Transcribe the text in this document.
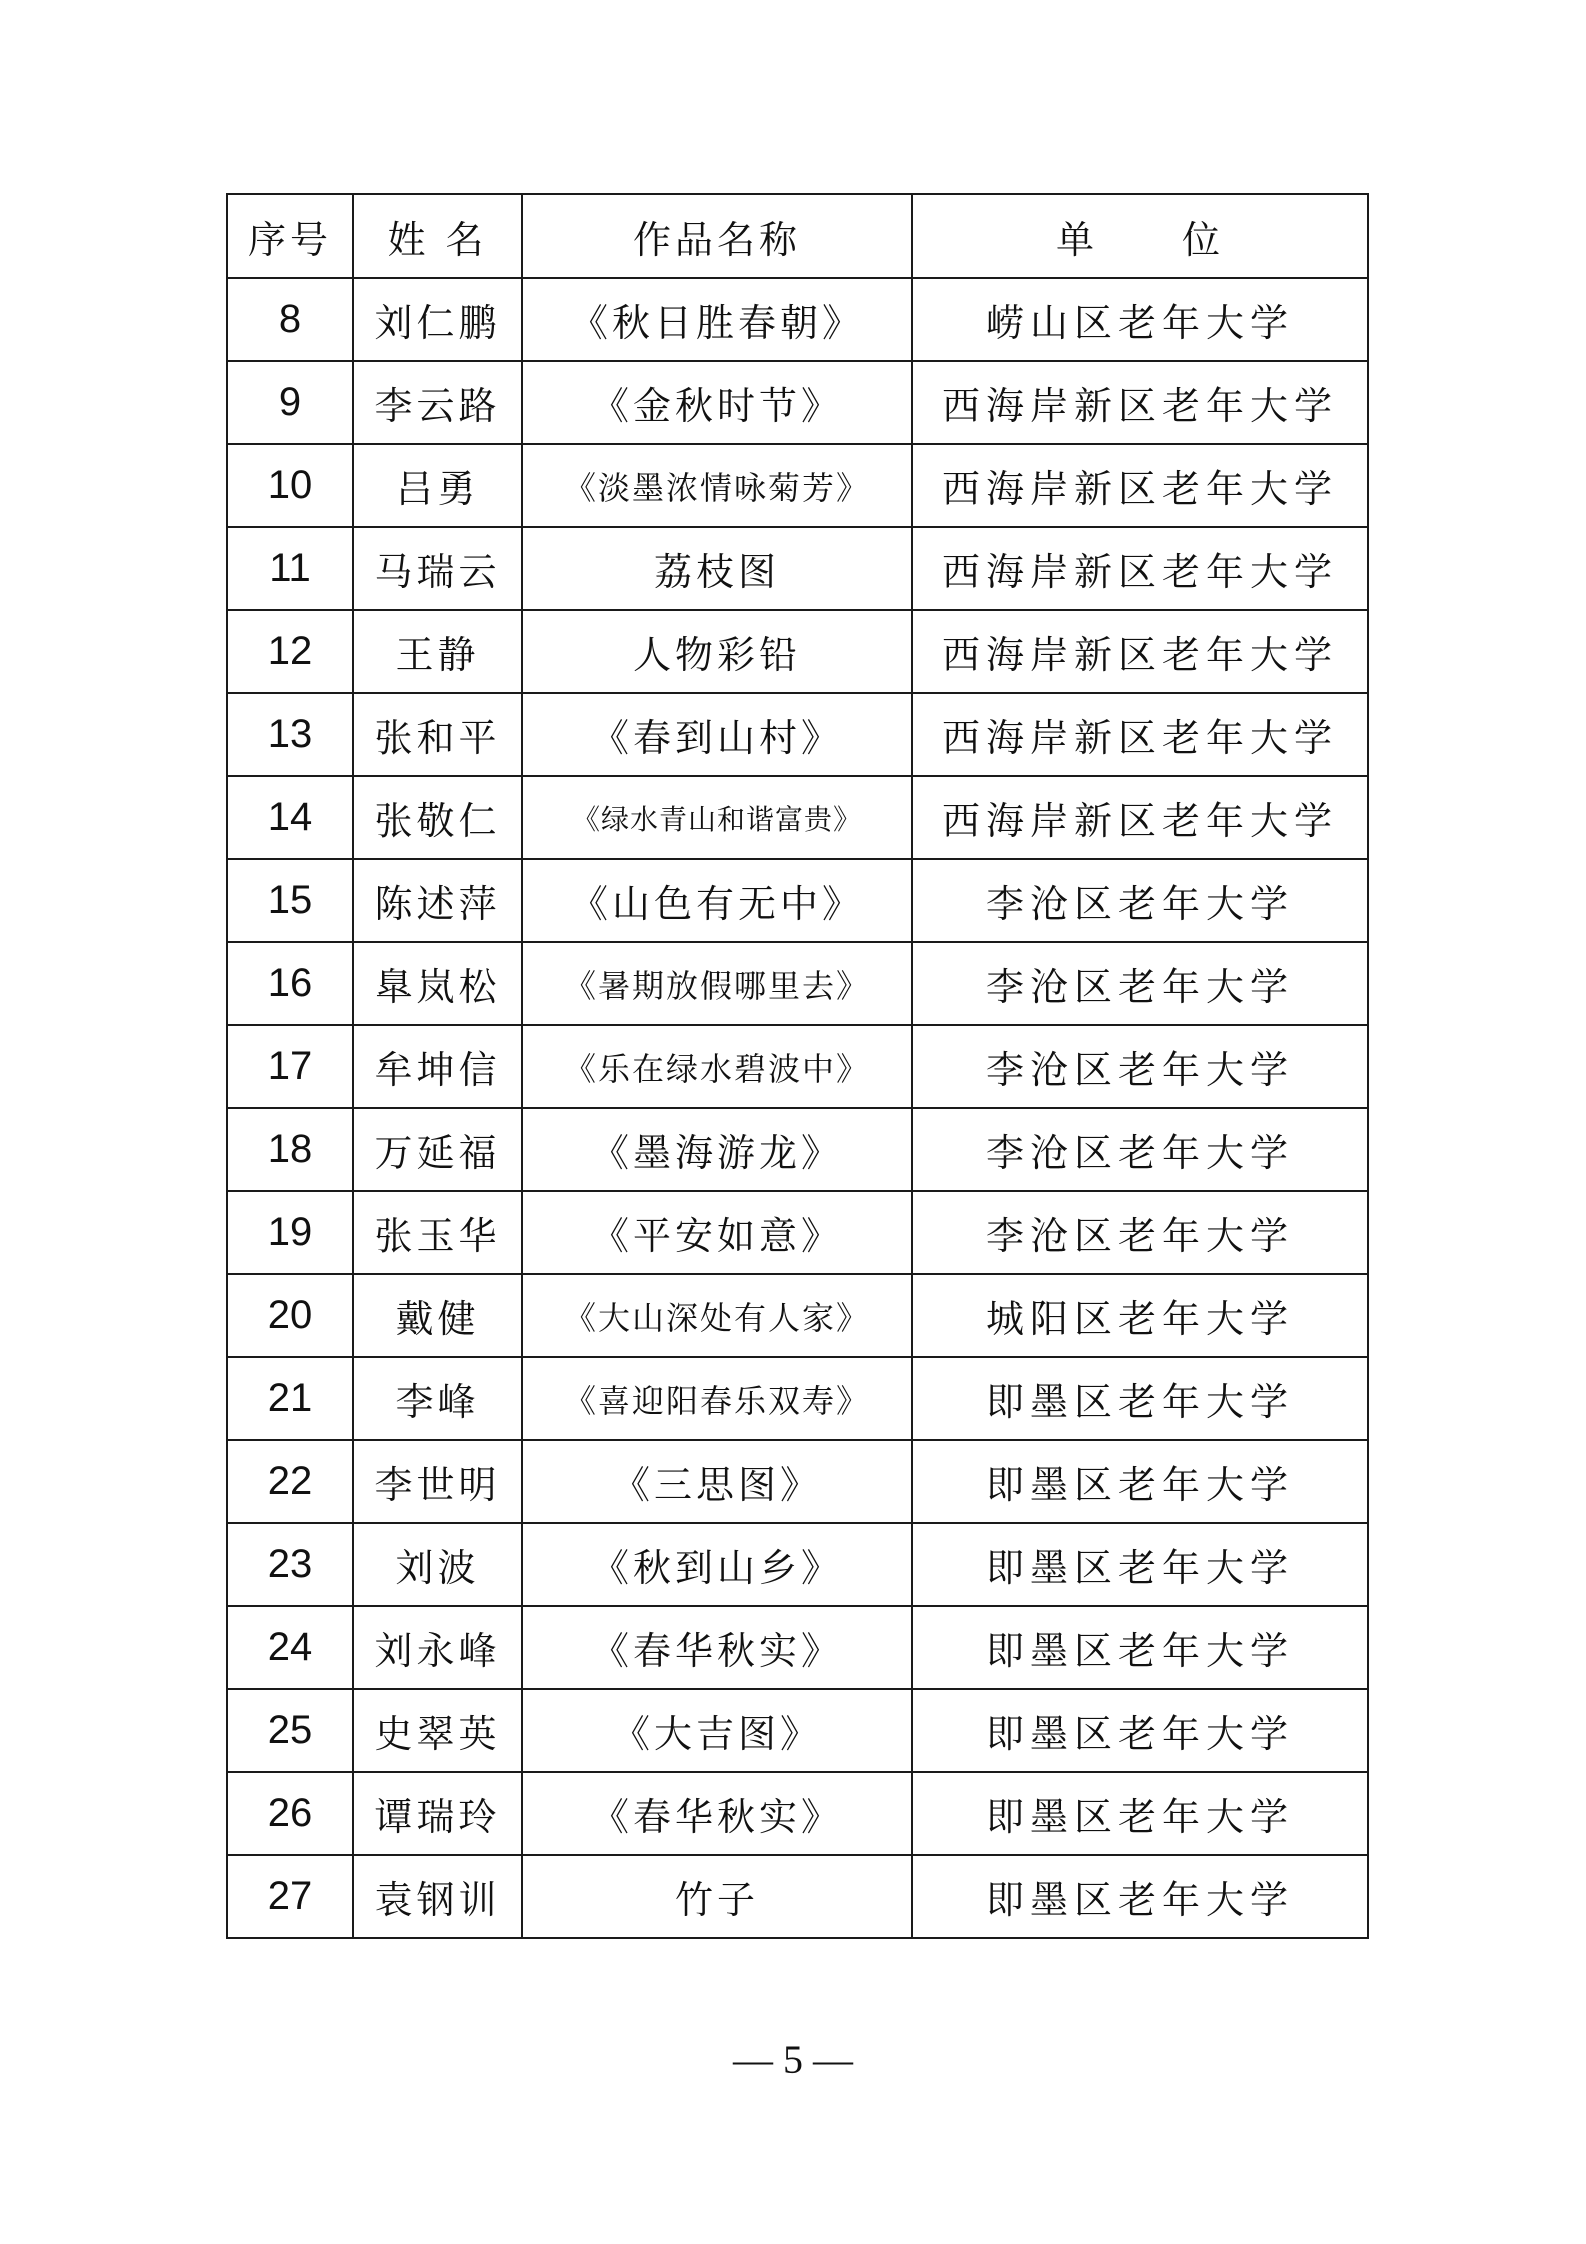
序号	姓 名	作品名称	单　　位
8	刘仁鹏	《秋日胜春朝》	崂山区老年大学
9	李云路	《金秋时节》	西海岸新区老年大学
10	吕勇	《淡墨浓情咏菊芳》	西海岸新区老年大学
11	马瑞云	荔枝图	西海岸新区老年大学
12	王静	人物彩铅	西海岸新区老年大学
13	张和平	《春到山村》	西海岸新区老年大学
14	张敬仁	《绿水青山和谐富贵》	西海岸新区老年大学
15	陈述萍	《山色有无中》	李沧区老年大学
16	臯岚松	《暑期放假哪里去》	李沧区老年大学
17	牟坤信	《乐在绿水碧波中》	李沧区老年大学
18	万延福	《墨海游龙》	李沧区老年大学
19	张玉华	《平安如意》	李沧区老年大学
20	戴健	《大山深处有人家》	城阳区老年大学
21	李峰	《喜迎阳春乐双寿》	即墨区老年大学
22	李世明	《三思图》	即墨区老年大学
23	刘波	《秋到山乡》	即墨区老年大学
24	刘永峰	《春华秋实》	即墨区老年大学
25	史翠英	《大吉图》	即墨区老年大学
26	谭瑞玲	《春华秋实》	即墨区老年大学
27	袁钢训	竹子	即墨区老年大学
— 5 —
